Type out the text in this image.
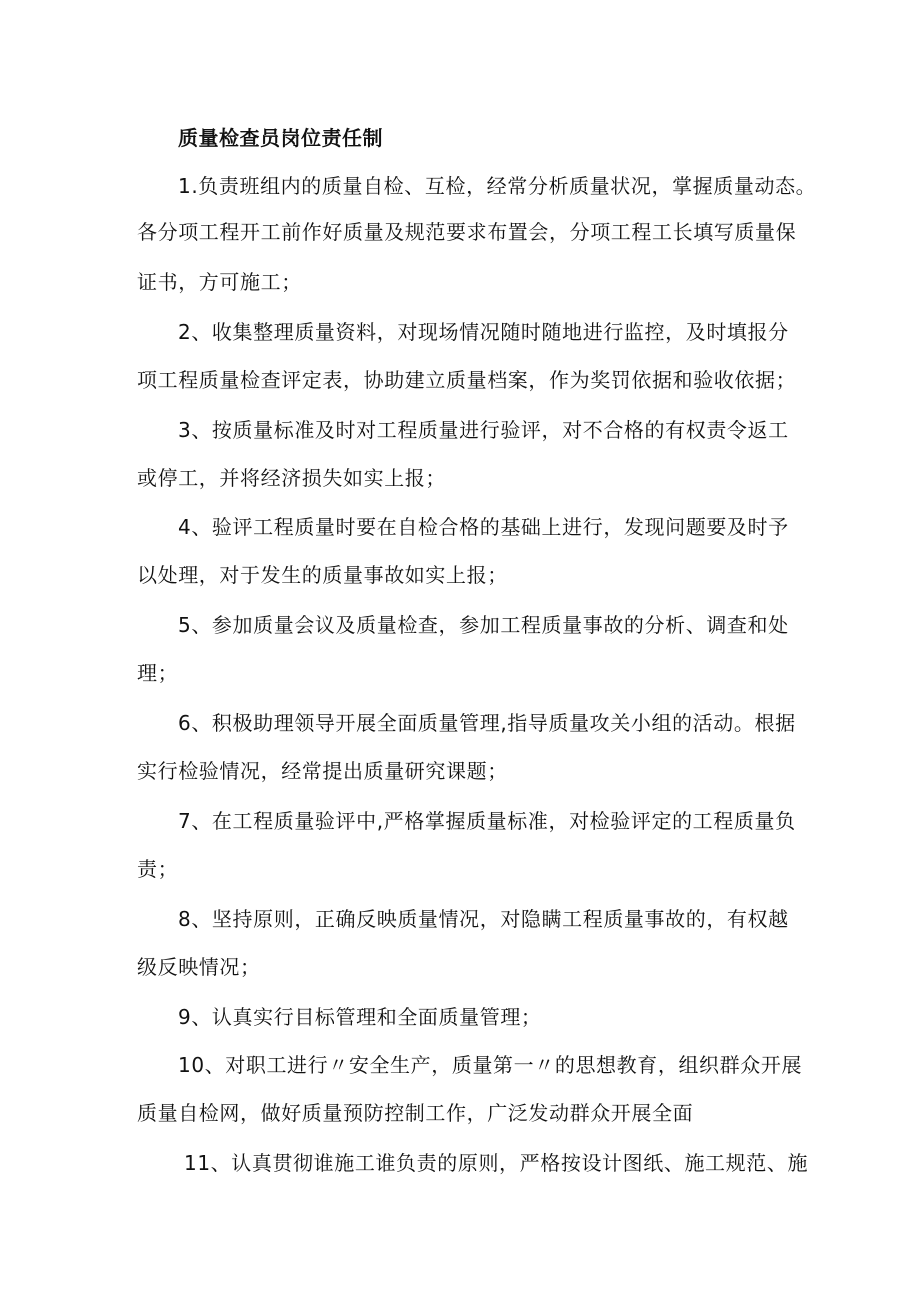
质量检查员岗位责任制
1.负责班组内的质量自检、互检，经常分析质量状况，掌握质量动态。
各分项工程开工前作好质量及规范要求布置会，分项工程工长填写质量保
证书，方可施工；
2、收集整理质量资料，对现场情况随时随地进行监控，及时填报分
项工程质量检查评定表，协助建立质量档案，作为奖罚依据和验收依据；
3、按质量标准及时对工程质量进行验评，对不合格的有权责令返工
或停工，并将经济损失如实上报；
4、验评工程质量时要在自检合格的基础上进行，发现问题要及时予
以处理，对于发生的质量事故如实上报；
5、参加质量会议及质量检查，参加工程质量事故的分析、调查和处
理；
6、积极助理领导开展全面质量管理,指导质量攻关小组的活动。根据
实行检验情况，经常提出质量研究课题；
7、在工程质量验评中,严格掌握质量标准，对检验评定的工程质量负
责；
8、坚持原则，正确反映质量情况，对隐瞒工程质量事故的，有权越
级反映情况；
9、认真实行目标管理和全面质量管理；
10、对职工进行〃安全生产，质量第一〃的思想教育，组织群众开展
质量自检网，做好质量预防控制工作，广泛发动群众开展全面
11、认真贯彻谁施工谁负责的原则，严格按设计图纸、施工规范、施
